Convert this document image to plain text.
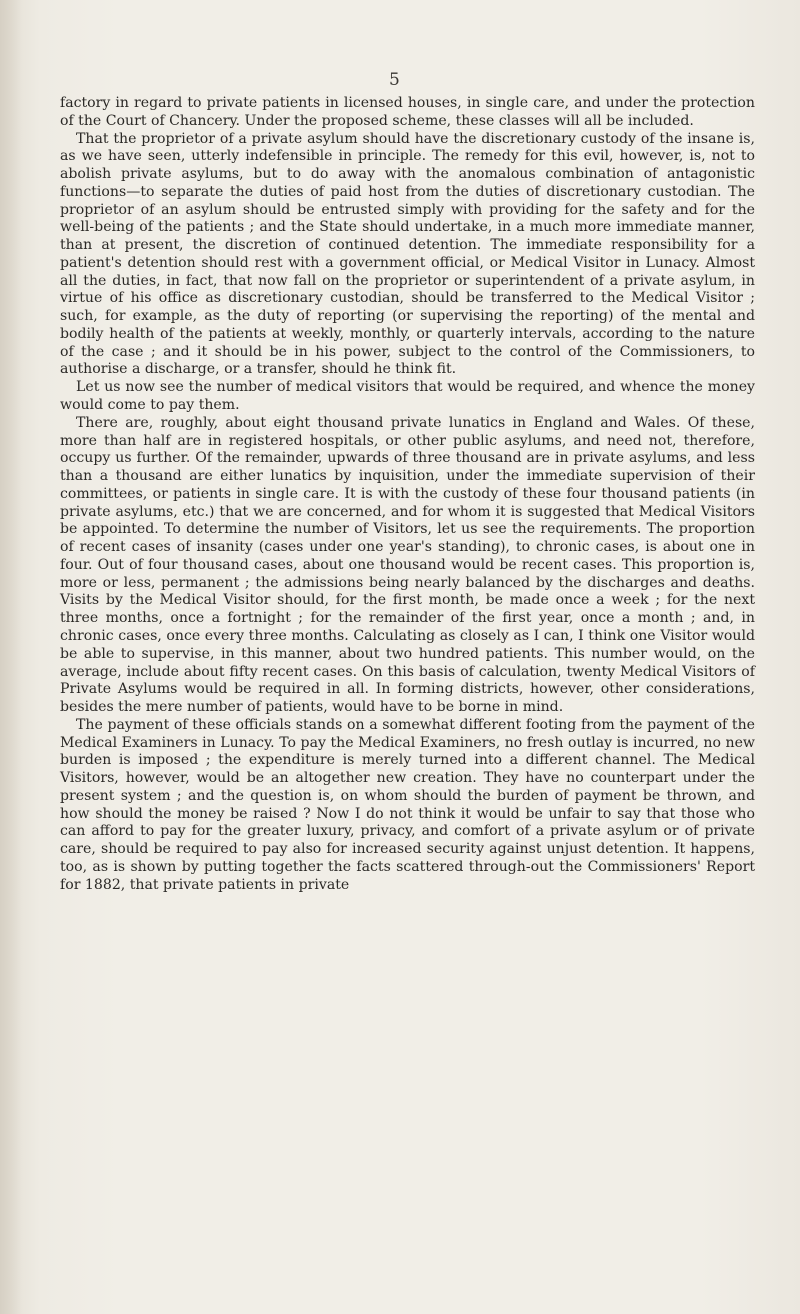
5

factory in regard to private patients in licensed houses, in single care, and under the protection of the Court of Chancery. Under the proposed scheme, these classes will all be included.

That the proprietor of a private asylum should have the discretionary custody of the insane is, as we have seen, utterly indefensible in principle. The remedy for this evil, however, is, not to abolish private asylums, but to do away with the anomalous combination of antagonistic functions—to separate the duties of paid host from the duties of discretionary custodian. The proprietor of an asylum should be entrusted simply with providing for the safety and for the well-being of the patients ; and the State should undertake, in a much more immediate manner, than at present, the discretion of continued detention. The immediate responsibility for a patient's detention should rest with a government official, or Medical Visitor in Lunacy. Almost all the duties, in fact, that now fall on the proprietor or superintendent of a private asylum, in virtue of his office as discretionary custodian, should be transferred to the Medical Visitor ; such, for example, as the duty of reporting (or supervising the reporting) of the mental and bodily health of the patients at weekly, monthly, or quarterly intervals, according to the nature of the case ; and it should be in his power, subject to the control of the Commissioners, to authorise a discharge, or a transfer, should he think fit.

Let us now see the number of medical visitors that would be required, and whence the money would come to pay them.

There are, roughly, about eight thousand private lunatics in England and Wales. Of these, more than half are in registered hospitals, or other public asylums, and need not, therefore, occupy us further. Of the remainder, upwards of three thousand are in private asylums, and less than a thousand are either lunatics by inquisition, under the immediate supervision of their committees, or patients in single care. It is with the custody of these four thousand patients (in private asylums, etc.) that we are concerned, and for whom it is suggested that Medical Visitors be appointed. To determine the number of Visitors, let us see the requirements. The proportion of recent cases of insanity (cases under one year's standing), to chronic cases, is about one in four. Out of four thousand cases, about one thousand would be recent cases. This proportion is, more or less, permanent ; the admissions being nearly balanced by the discharges and deaths. Visits by the Medical Visitor should, for the first month, be made once a week ; for the next three months, once a fortnight ; for the remainder of the first year, once a month ; and, in chronic cases, once every three months. Calculating as closely as I can, I think one Visitor would be able to supervise, in this manner, about two hundred patients. This number would, on the average, include about fifty recent cases. On this basis of calculation, twenty Medical Visitors of Private Asylums would be required in all. In forming districts, however, other considerations, besides the mere number of patients, would have to be borne in mind.

The payment of these officials stands on a somewhat different footing from the payment of the Medical Examiners in Lunacy. To pay the Medical Examiners, no fresh outlay is incurred, no new burden is imposed ; the expenditure is merely turned into a different channel. The Medical Visitors, however, would be an altogether new creation. They have no counterpart under the present system ; and the question is, on whom should the burden of payment be thrown, and how should the money be raised ? Now I do not think it would be unfair to say that those who can afford to pay for the greater luxury, privacy, and comfort of a private asylum or of private care, should be required to pay also for increased security against unjust detention. It happens, too, as is shown by putting together the facts scattered through-out the Commissioners' Report for 1882, that private patients in private
